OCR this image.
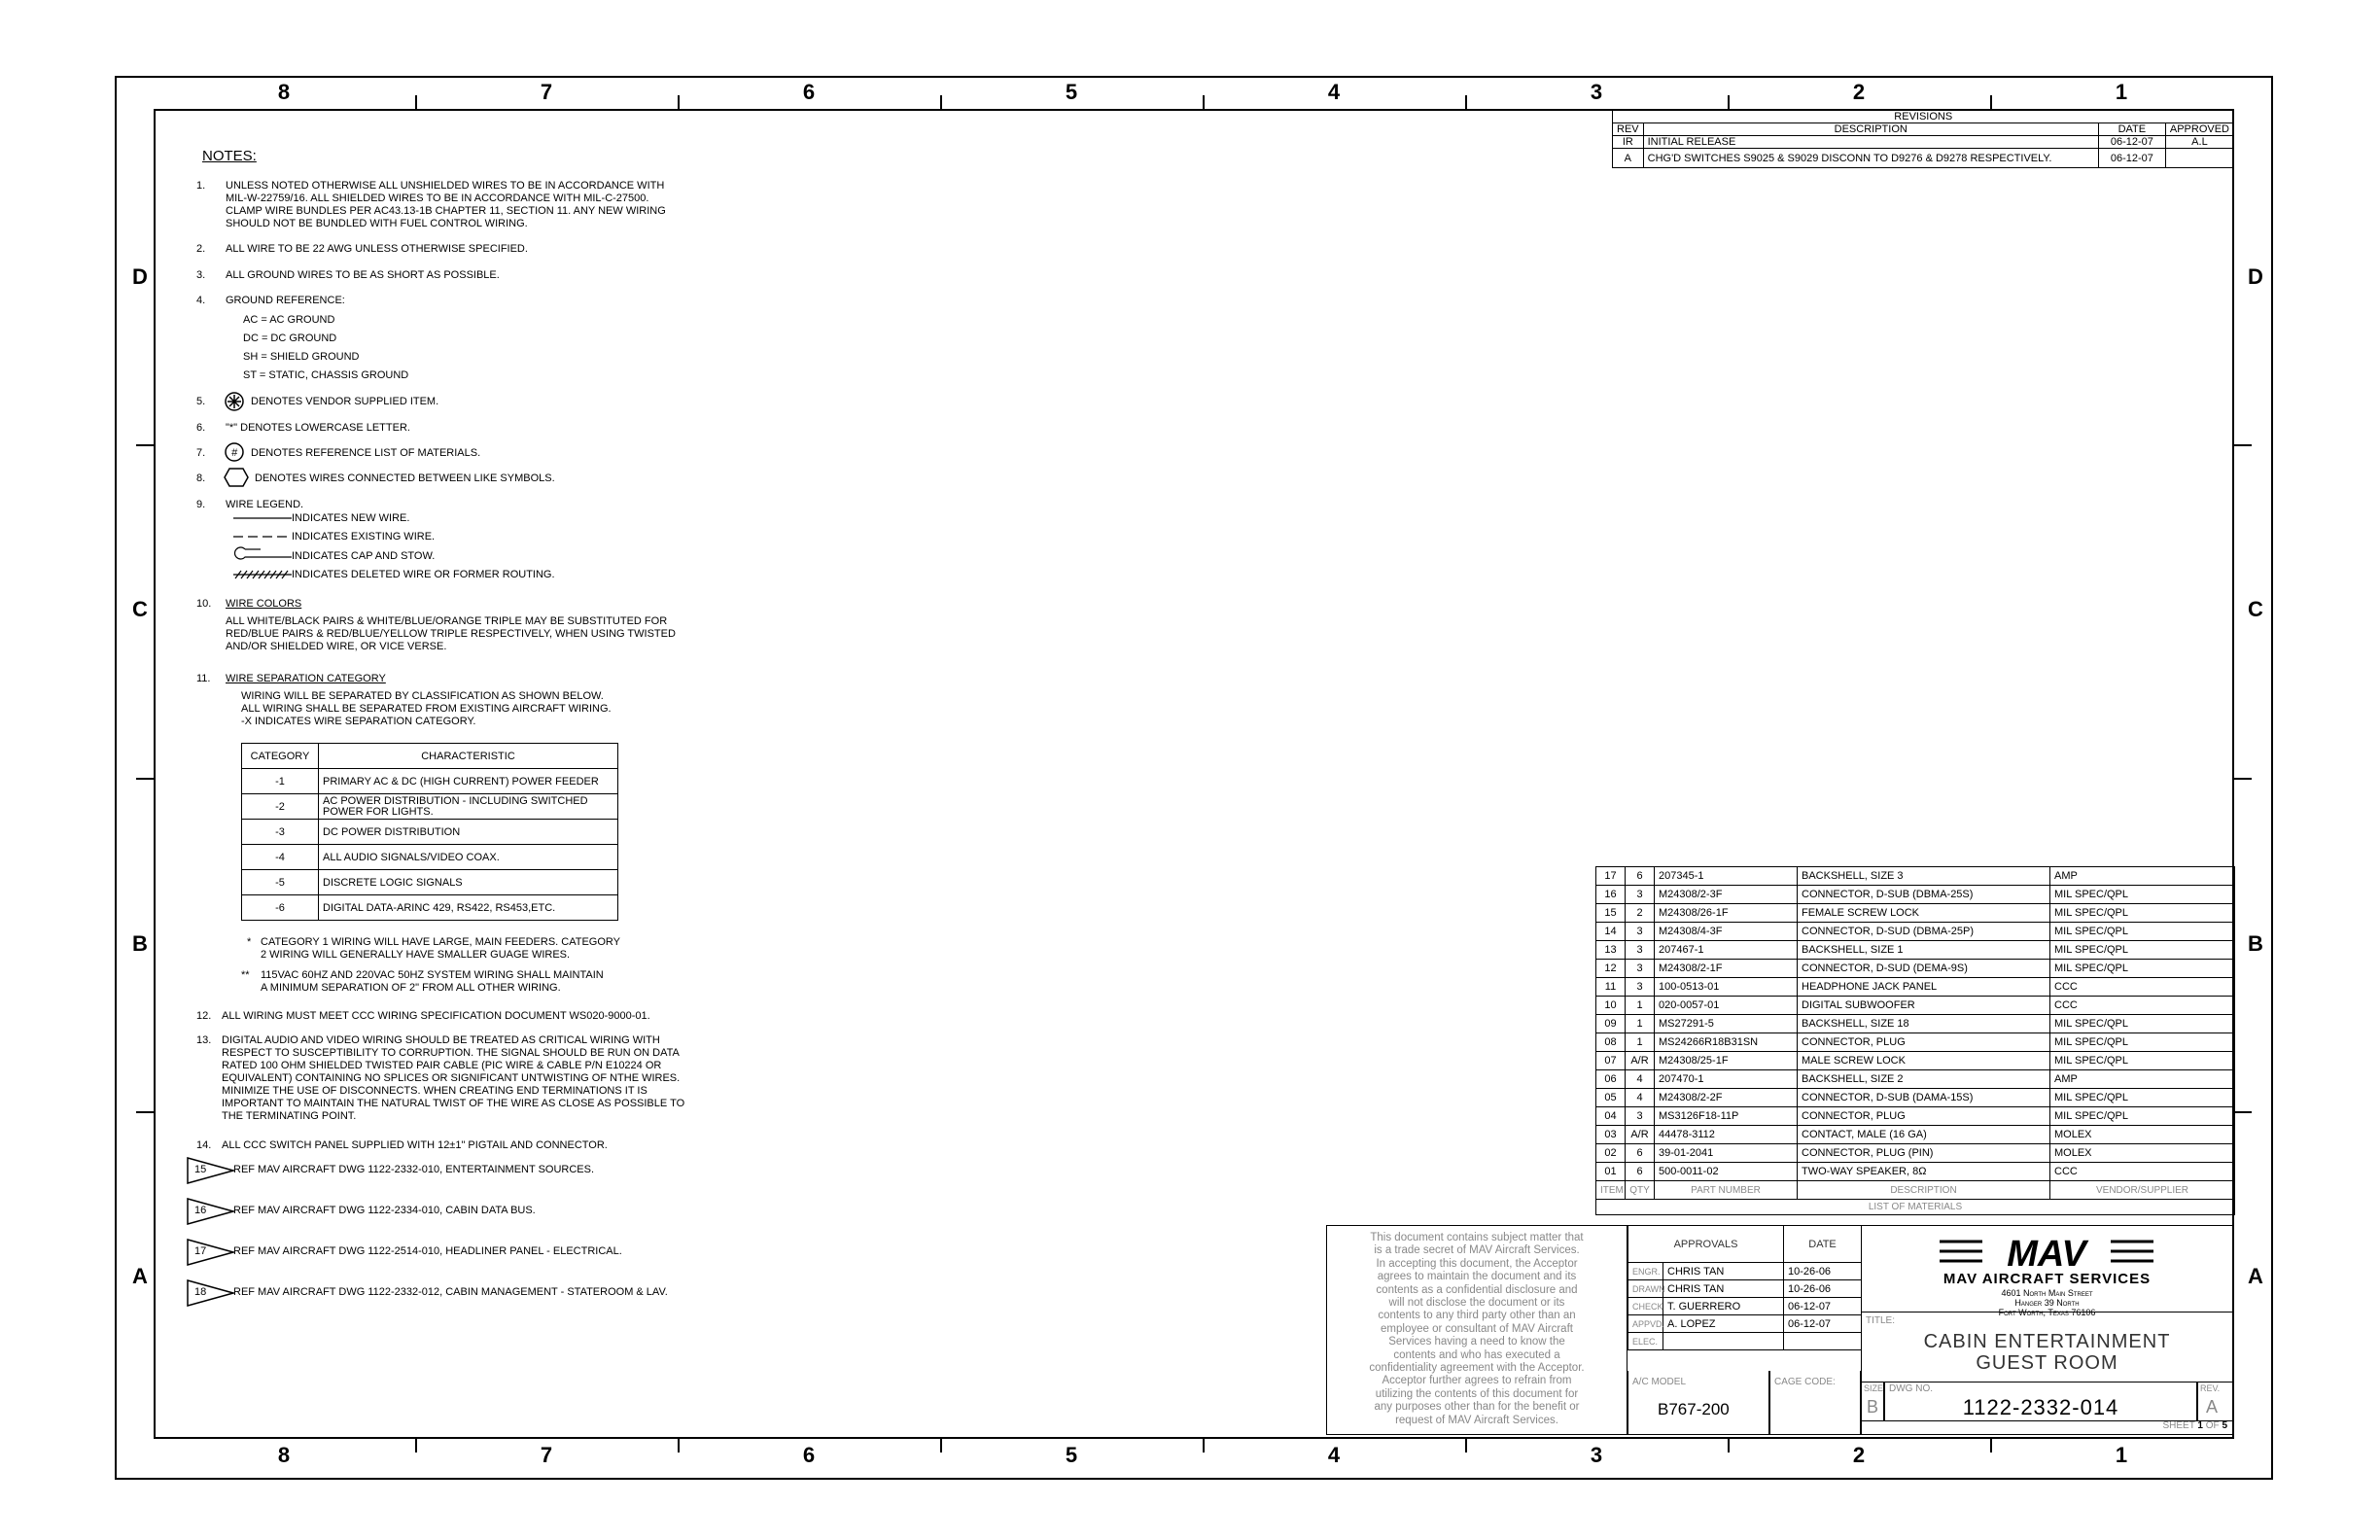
8	7	6	5	4	3	2	1
8	7	6	5	4	3	2	1
D
C
B
A
D
C
B
A
REVISIONS			
REV	DESCRIPTION	DATE	APPROVED
IR	INITIAL RELEASE	06-12-07	A.L
A	CHG'D SWITCHES S9025 & S9029 DISCONN TO D9276 & D9278 RESPECTIVELY.	06-12-07	
NOTES:
1. UNLESS NOTED OTHERWISE ALL UNSHIELDED WIRES TO BE IN ACCORDANCE WITH
MIL-W-22759/16. ALL SHIELDED WIRES TO BE IN ACCORDANCE WITH MIL-C-27500.
CLAMP WIRE BUNDLES PER AC43.13-1B CHAPTER 11, SECTION 11. ANY NEW WIRING
SHOULD NOT BE BUNDLED WITH FUEL CONTROL WIRING.
2. ALL WIRE TO BE 22 AWG UNLESS OTHERWISE SPECIFIED.
3. ALL GROUND WIRES TO BE AS SHORT AS POSSIBLE.
4. GROUND REFERENCE:
AC = AC GROUND
DC = DC GROUND
SH = SHIELD GROUND
ST = STATIC, CHASSIS GROUND
5.	DENOTES VENDOR SUPPLIED ITEM.
6. "*" DENOTES LOWERCASE LETTER.
7. # DENOTES REFERENCE LIST OF MATERIALS.
8.	DENOTES WIRES CONNECTED BETWEEN LIKE SYMBOLS.
9. WIRE LEGEND.
INDICATES NEW WIRE.
INDICATES EXISTING WIRE.
INDICATES CAP AND STOW.
INDICATES DELETED WIRE OR FORMER ROUTING.
10. WIRE COLORS
ALL WHITE/BLACK PAIRS & WHITE/BLUE/ORANGE TRIPLE MAY BE SUBSTITUTED FOR
RED/BLUE PAIRS & RED/BLUE/YELLOW TRIPLE RESPECTIVELY, WHEN USING TWISTED
AND/OR SHIELDED WIRE, OR VICE VERSE.
11. WIRE SEPARATION CATEGORY
WIRING WILL BE SEPARATED BY CLASSIFICATION AS SHOWN BELOW.
ALL WIRING SHALL BE SEPARATED FROM EXISTING AIRCRAFT WIRING.
-X INDICATES WIRE SEPARATION CATEGORY.
CATEGORY	CHARACTERISTIC
-1	PRIMARY AC & DC (HIGH CURRENT) POWER FEEDER
-2	AC POWER DISTRIBUTION - INCLUDING SWITCHED
POWER FOR LIGHTS.

-3	DC POWER DISTRIBUTION
-4	ALL AUDIO SIGNALS/VIDEO COAX.
-5	DISCRETE LOGIC SIGNALS
-6	DIGITAL DATA-ARINC 429, RS422, RS453,ETC.
* CATEGORY 1 WIRING WILL HAVE LARGE, MAIN FEEDERS. CATEGORY
2 WIRING WILL GENERALLY HAVE SMALLER GUAGE WIRES.
** 115VAC 60HZ AND 220VAC 50HZ SYSTEM WIRING SHALL MAINTAIN
A MINIMUM SEPARATION OF 2" FROM ALL OTHER WIRING.
12. ALL WIRING MUST MEET CCC WIRING SPECIFICATION DOCUMENT WS020-9000-01.
13. DIGITAL AUDIO AND VIDEO WIRING SHOULD BE TREATED AS CRITICAL WIRING WITH
RESPECT TO SUSCEPTIBILITY TO CORRUPTION. THE SIGNAL SHOULD BE RUN ON DATA
RATED 100 OHM SHIELDED TWISTED PAIR CABLE (PIC WIRE & CABLE P/N E10224 OR
EQUIVALENT) CONTAINING NO SPLICES OR SIGNIFICANT UNTWISTING OF NTHE WIRES.
MINIMIZE THE USE OF DISCONNECTS. WHEN CREATING END TERMINATIONS IT IS
IMPORTANT TO MAINTAIN THE NATURAL TWIST OF THE WIRE AS CLOSE AS POSSIBLE TO
THE TERMINATING POINT.
14. ALL CCC SWITCH PANEL SUPPLIED WITH 12±1" PIGTAIL AND CONNECTOR.
15	REF MAV AIRCRAFT DWG 1122-2332-010, ENTERTAINMENT SOURCES.
16	REF MAV AIRCRAFT DWG 1122-2334-010, CABIN DATA BUS.
17	REF MAV AIRCRAFT DWG 1122-2514-010, HEADLINER PANEL - ELECTRICAL.
18	REF MAV AIRCRAFT DWG 1122-2332-012, CABIN MANAGEMENT - STATEROOM & LAV.
17	6	207345-1	BACKSHELL, SIZE 3	AMP
16	3	M24308/2-3F	CONNECTOR, D-SUB (DBMA-25S)	MIL SPEC/QPL
15	2	M24308/26-1F	FEMALE SCREW LOCK	MIL SPEC/QPL
14	3	M24308/4-3F	CONNECTOR, D-SUD (DBMA-25P)	MIL SPEC/QPL
13	3	207467-1	BACKSHELL, SIZE 1	MIL SPEC/QPL
12	3	M24308/2-1F	CONNECTOR, D-SUD (DEMA-9S)	MIL SPEC/QPL
11	3	100-0513-01	HEADPHONE JACK PANEL	CCC
10	1	020-0057-01	DIGITAL SUBWOOFER	CCC
09	1	MS27291-5	BACKSHELL, SIZE 18	MIL SPEC/QPL
08	1	MS24266R18B31SN	CONNECTOR, PLUG	MIL SPEC/QPL
07	A/R	M24308/25-1F	MALE SCREW LOCK	MIL SPEC/QPL
06	4	207470-1	BACKSHELL, SIZE 2	AMP
05	4	M24308/2-2F	CONNECTOR, D-SUB (DAMA-15S)	MIL SPEC/QPL
04	3	MS3126F18-11P	CONNECTOR, PLUG	MIL SPEC/QPL
03	A/R	44478-3112	CONTACT, MALE (16 GA)	MOLEX
02	6	39-01-2041	CONNECTOR, PLUG (PIN)	MOLEX
01	6	500-0011-02	TWO-WAY SPEAKER, 8Ω	CCC
ITEM	QTY	PART NUMBER	DESCRIPTION	VENDOR/SUPPLIER
LIST OF MATERIALS				
This document contains subject matter that
is a trade secret of MAV Aircraft Services.
In accepting this document, the Acceptor
agrees to maintain the document and its
contents as a confidential disclosure and
will not disclose the document or its
contents to any third party other than an
employee or consultant of MAV Aircraft
Services having a need to know the
contents and who has executed a
confidentiality agreement with the Acceptor.
Acceptor further agrees to refrain from
utilizing the contents of this document for
any purposes other than for the benefit or
request of MAV Aircraft Services.
APPROVALS		DATE
ENGR.	CHRIS TAN	10-26-06
DRAWN	CHRIS TAN	10-26-06
CHECK	T. GUERRERO	06-12-07
APPVD.	A. LOPEZ	06-12-07
ELEC.		
A/C MODEL
B767-200
CAGE CODE:
MAV
MAV AIRCRAFT SERVICES
4601 North Main Street
Hanger 39 North
Fort Worth, Texas 76106
TITLE:
CABIN ENTERTAINMENT
GUEST ROOM
SIZE
B
DWG NO.
1122-2332-014
REV.
A
SHEET 1 OF 5
